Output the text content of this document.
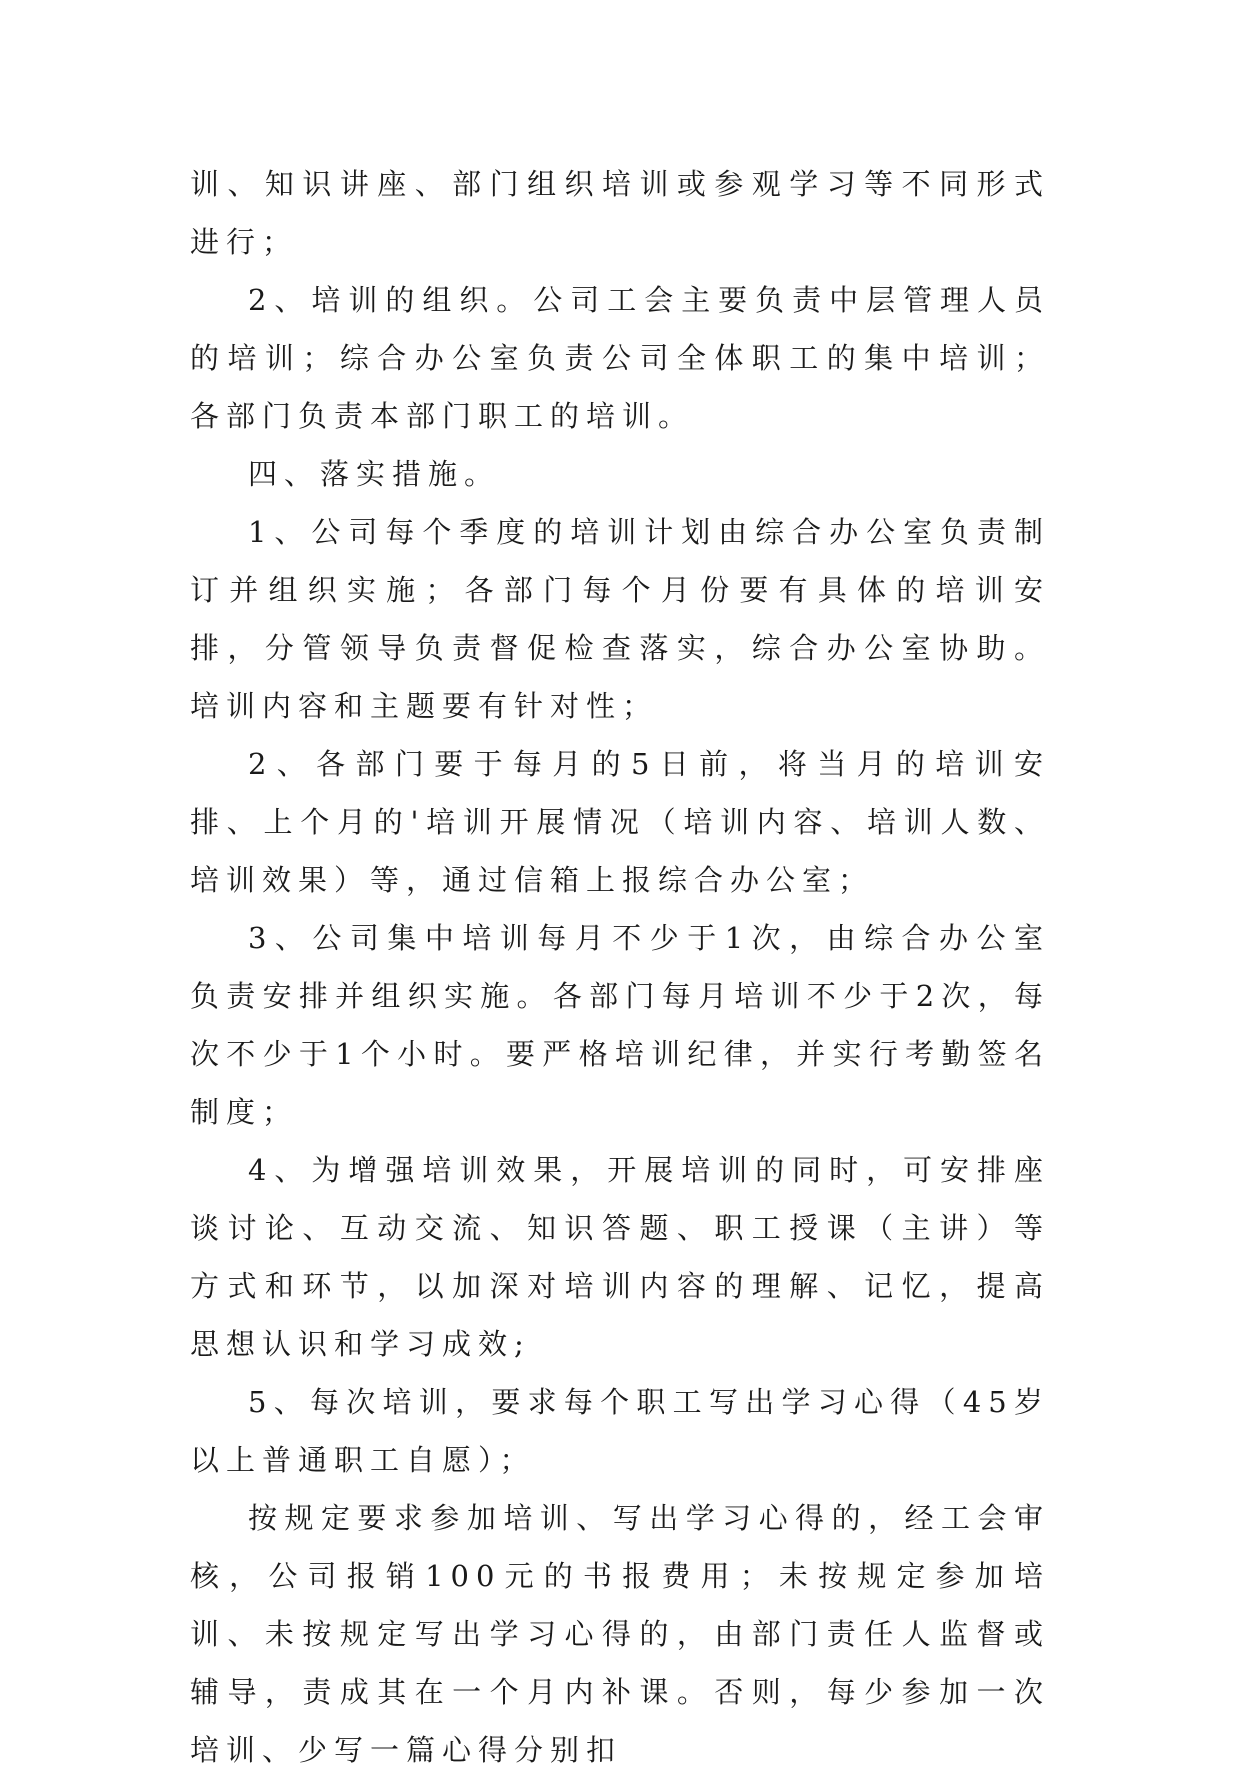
训、知识讲座、部门组织培训或参观学习等不同形式进行；

2、培训的组织。公司工会主要负责中层管理人员的培训；综合办公室负责公司全体职工的集中培训；各部门负责本部门职工的培训。

四、落实措施。

1、公司每个季度的培训计划由综合办公室负责制订并组织实施；各部门每个月份要有具体的培训安排，分管领导负责督促检查落实，综合办公室协助。培训内容和主题要有针对性；

2、各部门要于每月的5日前，将当月的培训安排、上个月的'培训开展情况（培训内容、培训人数、培训效果）等，通过信箱上报综合办公室；

3、公司集中培训每月不少于1次，由综合办公室负责安排并组织实施。各部门每月培训不少于2次，每次不少于1个小时。要严格培训纪律，并实行考勤签名制度；

4、为增强培训效果，开展培训的同时，可安排座谈讨论、互动交流、知识答题、职工授课（主讲）等方式和环节，以加深对培训内容的理解、记忆，提高思想认识和学习成效;

5、每次培训，要求每个职工写出学习心得（45岁以上普通职工自愿）；

按规定要求参加培训、写出学习心得的，经工会审核，公司报销100元的书报费用；未按规定参加培训、未按规定写出学习心得的，由部门责任人监督或辅导，责成其在一个月内补课。否则，每少参加一次培训、少写一篇心得分别扣
